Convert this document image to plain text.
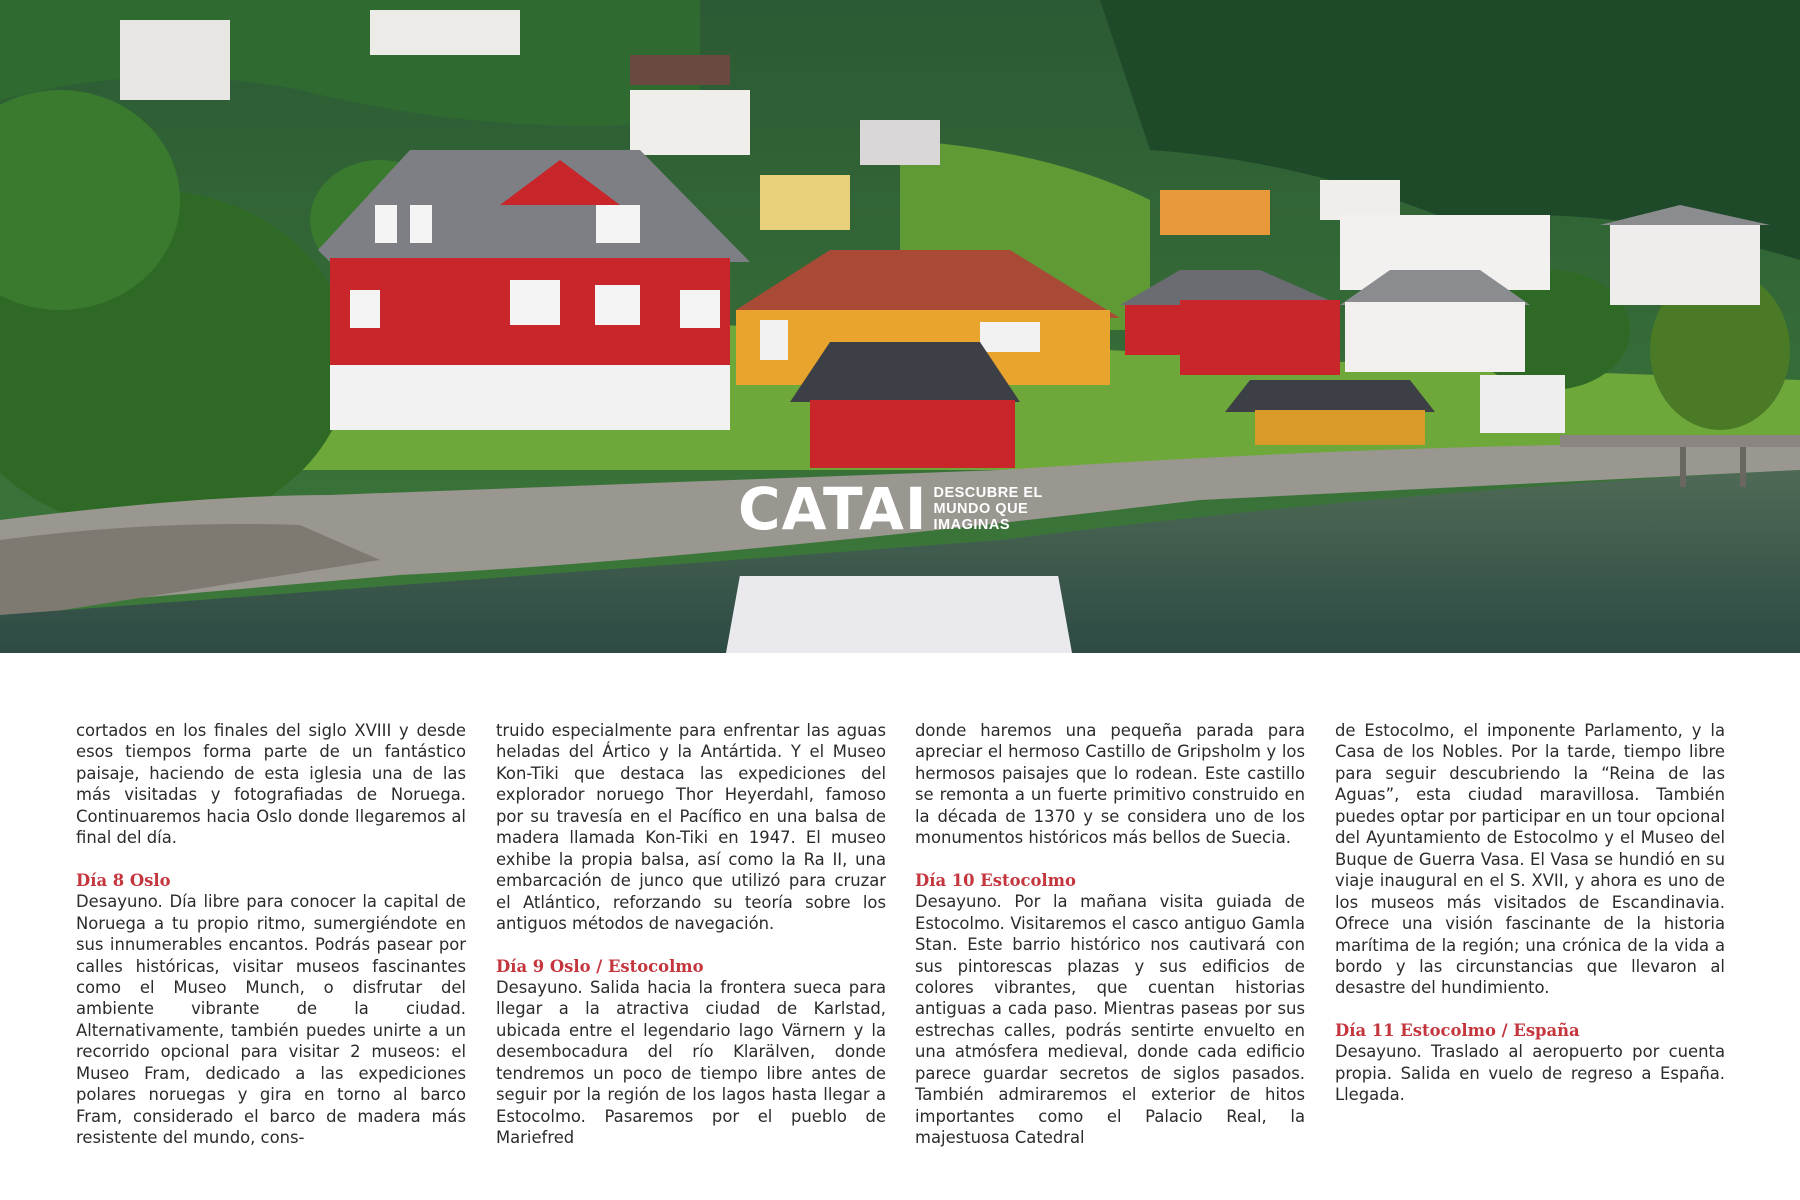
CATAI DESCUBRE EL
MUNDO QUE
IMAGINAS

cortados en los finales del siglo XVIII y desde esos tiempos forma parte de un fantástico paisaje, haciendo de esta iglesia una de las más visitadas y fotografiadas de Noruega. Continuaremos hacia Oslo donde llegaremos al final del día.

Día 8 Oslo

Desayuno. Día libre para conocer la capital de Noruega a tu propio ritmo, sumergiéndote en sus innumerables encantos. Podrás pasear por calles históricas, visitar museos fascinantes como el Museo Munch, o disfrutar del ambiente vibrante de la ciudad. Alternativamente, también puedes unirte a un recorrido opcional para visitar 2 museos: el Museo Fram, dedicado a las expediciones polares noruegas y gira en torno al barco Fram, considerado el barco de madera más resistente del mundo, cons-

truido especialmente para enfrentar las aguas heladas del Ártico y la Antártida. Y el Museo Kon-Tiki que destaca las expediciones del explorador noruego Thor Heyerdahl, famoso por su travesía en el Pacífico en una balsa de madera llamada Kon-Tiki en 1947. El museo exhibe la propia balsa, así como la Ra II, una embarcación de junco que utilizó para cruzar el Atlántico, reforzando su teoría sobre los antiguos métodos de navegación.

Día 9 Oslo / Estocolmo

Desayuno. Salida hacia la frontera sueca para llegar a la atractiva ciudad de Karlstad, ubicada entre el legendario lago Värnern y la desembocadura del río Klarälven, donde tendremos un poco de tiempo libre antes de seguir por la región de los lagos hasta llegar a Estocolmo. Pasaremos por el pueblo de Mariefred

donde haremos una pequeña parada para apreciar el hermoso Castillo de Gripsholm y los hermosos paisajes que lo rodean. Este castillo se remonta a un fuerte primitivo construido en la década de 1370 y se considera uno de los monumentos históricos más bellos de Suecia.

Día 10 Estocolmo

Desayuno. Por la mañana visita guiada de Estocolmo. Visitaremos el casco antiguo Gamla Stan. Este barrio histórico nos cautivará con sus pintorescas plazas y sus edificios de colores vibrantes, que cuentan historias antiguas a cada paso. Mientras paseas por sus estrechas calles, podrás sentirte envuelto en una atmósfera medieval, donde cada edificio parece guardar secretos de siglos pasados. También admiraremos el exterior de hitos importantes como el Palacio Real, la majestuosa Catedral

de Estocolmo, el imponente Parlamento, y la Casa de los Nobles. Por la tarde, tiempo libre para seguir descubriendo la “Reina de las Aguas”, esta ciudad maravillosa. También puedes optar por participar en un tour opcional del Ayuntamiento de Estocolmo y el Museo del Buque de Guerra Vasa. El Vasa se hundió en su viaje inaugural en el S. XVII, y ahora es uno de los museos más visitados de Escandinavia. Ofrece una visión fascinante de la historia marítima de la región; una crónica de la vida a bordo y las circunstancias que llevaron al desastre del hundimiento.

Día 11 Estocolmo / España

Desayuno. Traslado al aeropuerto por cuenta propia. Salida en vuelo de regreso a España. Llegada.
